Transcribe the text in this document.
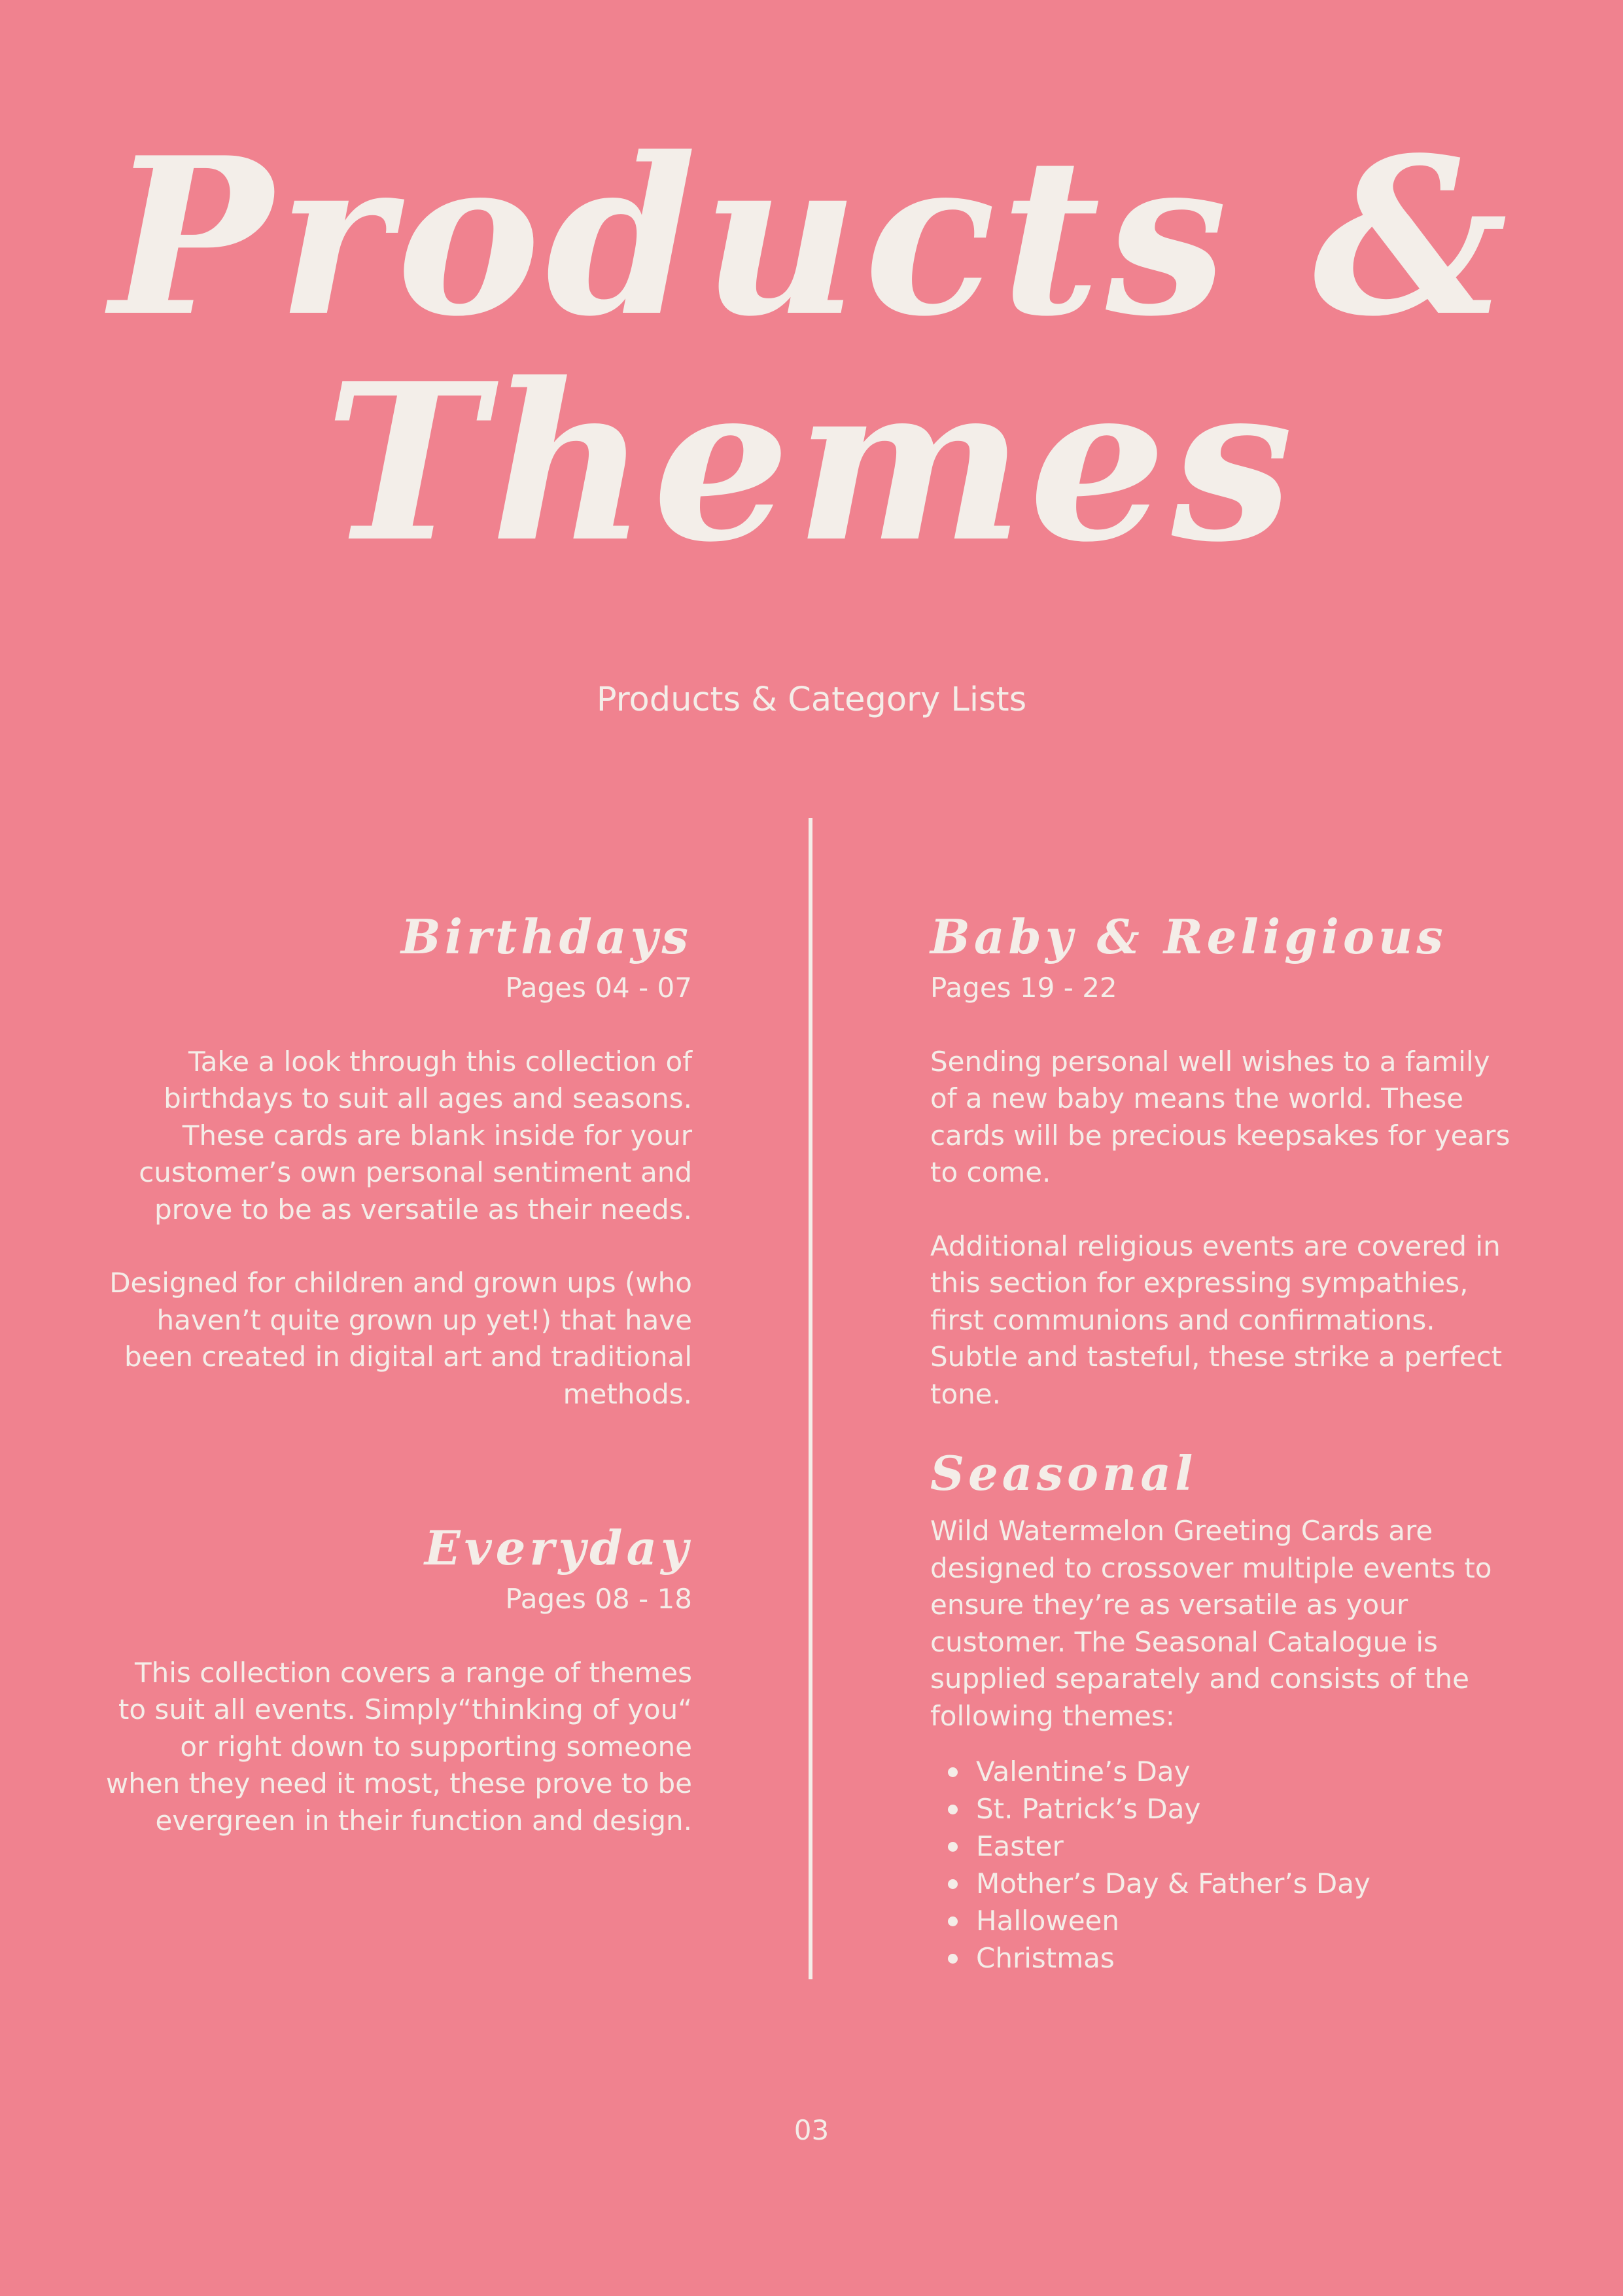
Products &
Themes
Products & Category Lists
Birthdays

Pages 04 - 07

Take a look through this collection of birthdays to suit all ages and seasons. These cards are blank inside for your customer’s own personal sentiment and prove to be as versatile as their needs.

Designed for children and grown ups (who haven’t quite grown up yet!) that have been created in digital art and traditional methods.

Everyday

Pages 08 - 18

This collection covers a range of themes to suit all events. Simply“thinking of you“ or right down to supporting someone when they need it most, these prove to be evergreen in their function and design.

Baby & Religious

Pages 19 - 22

Sending personal well wishes to a family of a new baby means the world. These cards will be precious keepsakes for years to come.

Additional religious events are covered in this section for expressing sympathies, first communions and confirmations. Subtle and tasteful, these strike a perfect tone.

Seasonal

Wild Watermelon Greeting Cards are designed to crossover multiple events to ensure they’re as versatile as your customer. The Seasonal Catalogue is supplied separately and consists of the following themes:

Valentine’s Day
St. Patrick’s Day
Easter
Mother’s Day & Father’s Day
Halloween
Christmas
03
